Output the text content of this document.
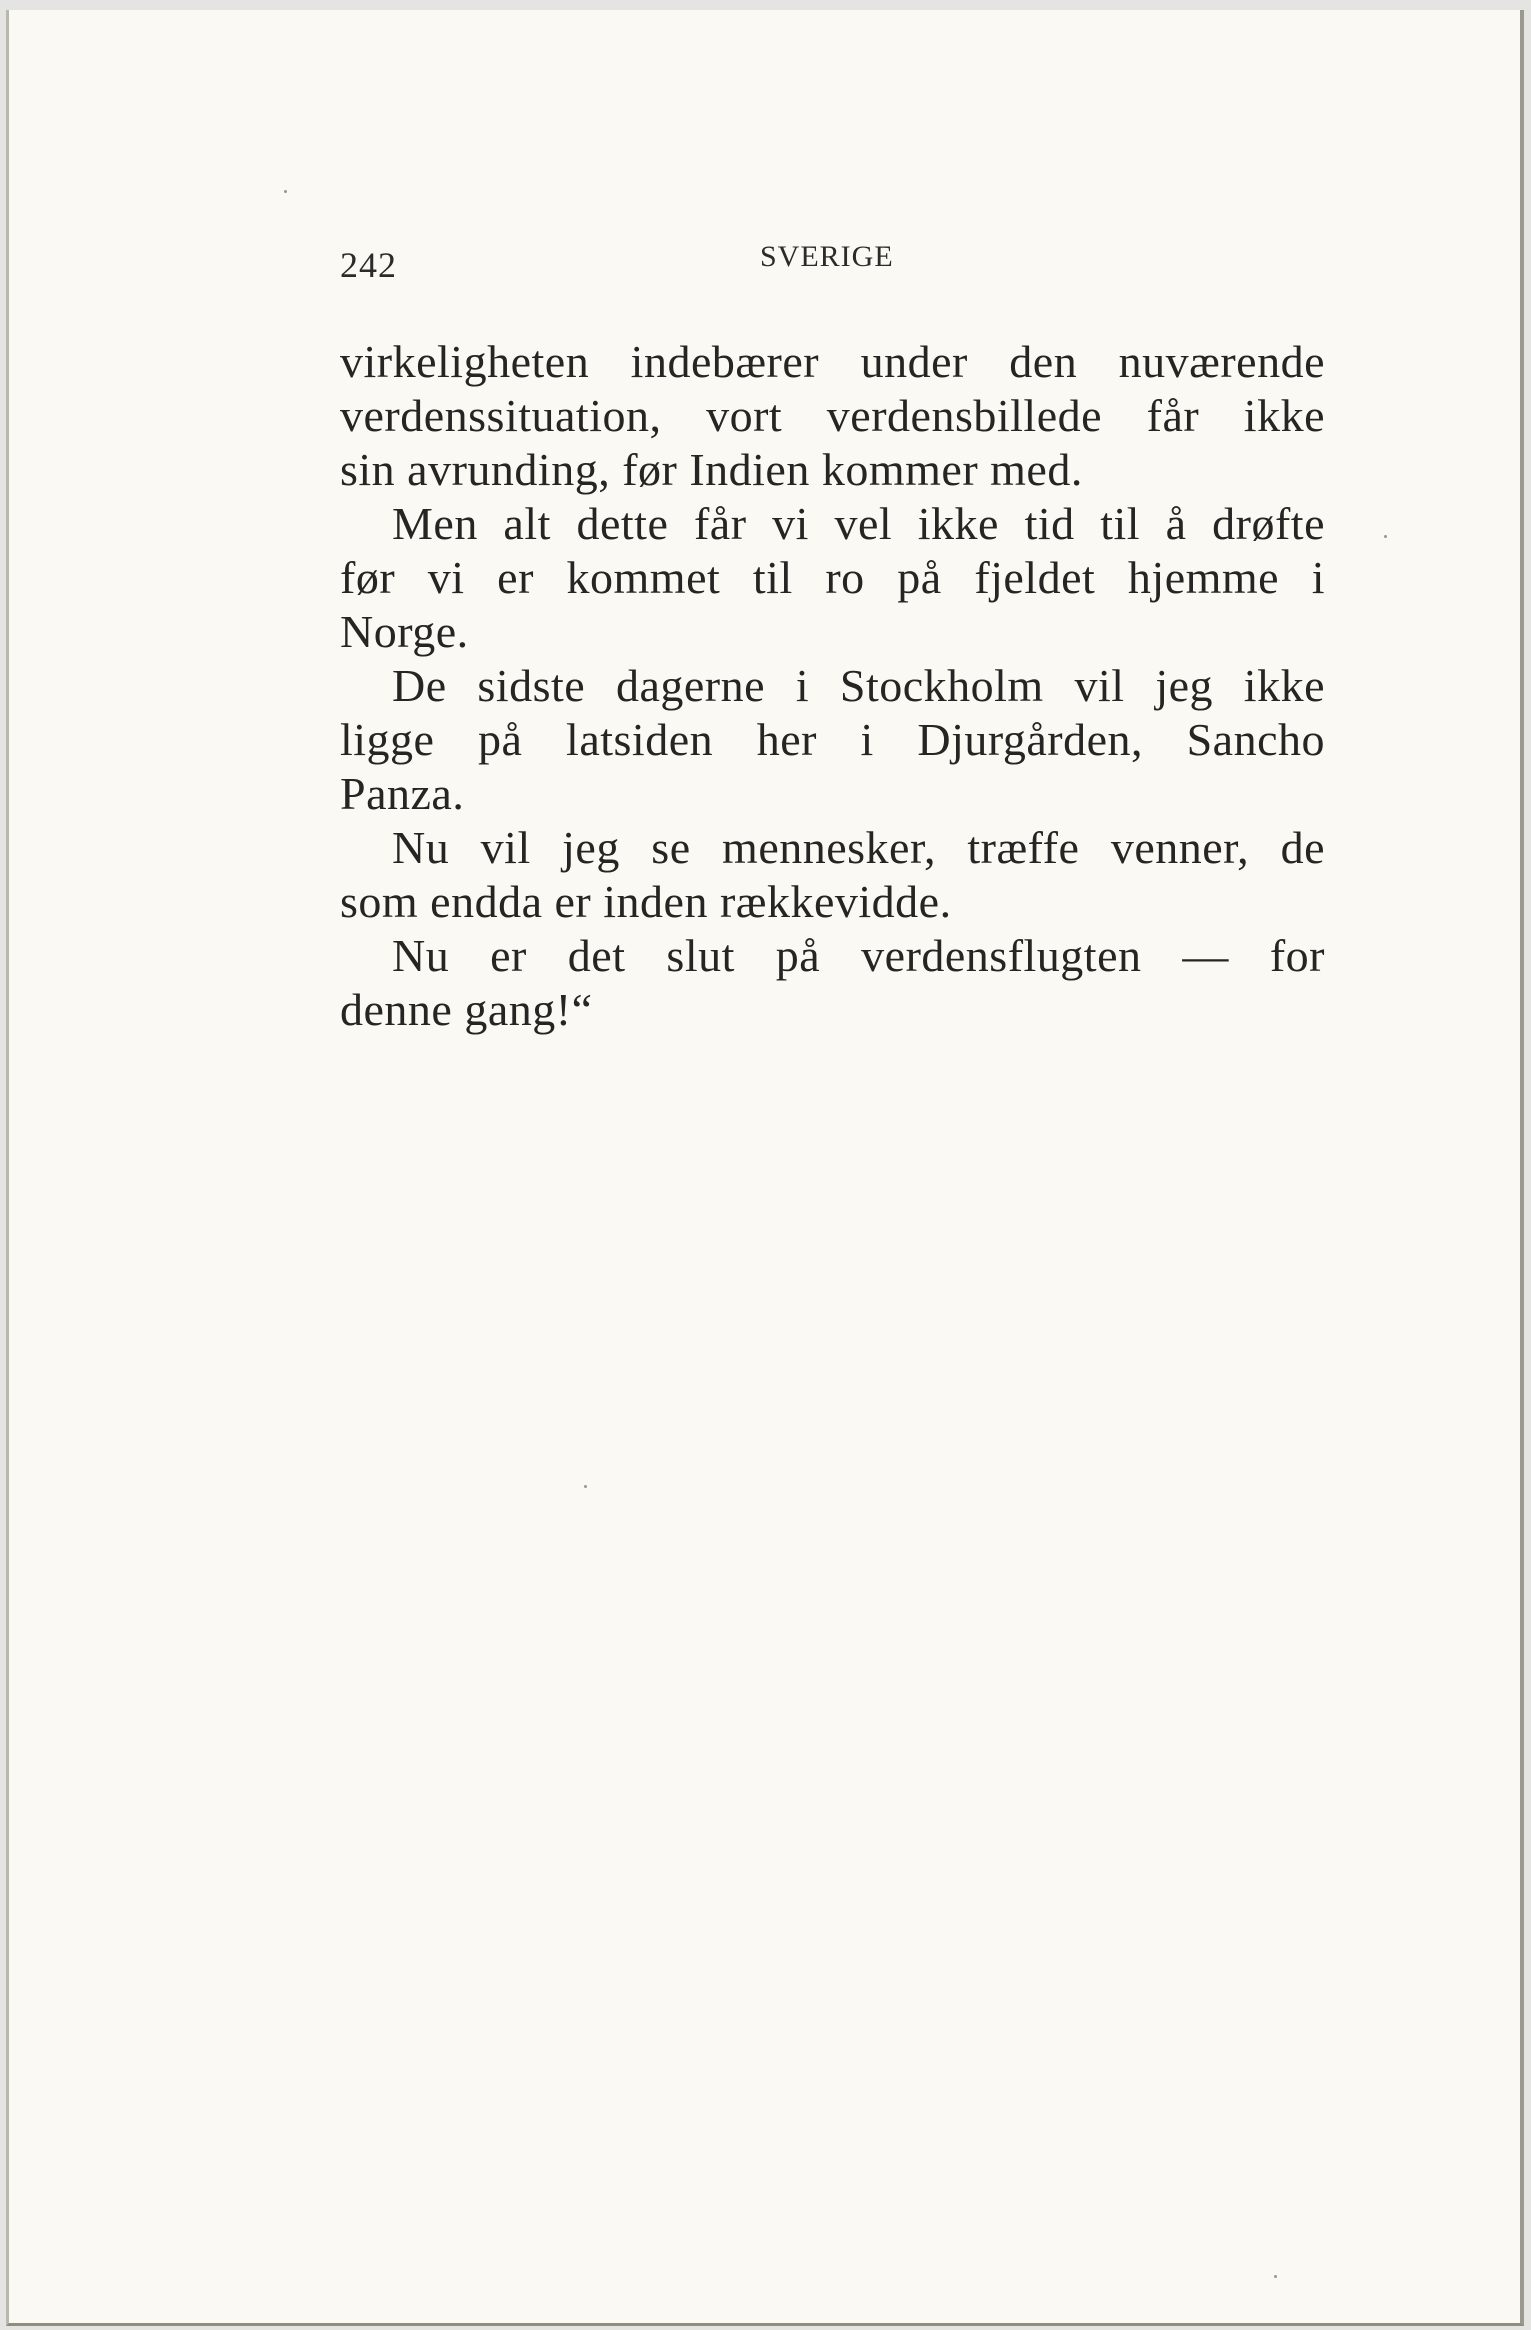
242	SVERIGE
virkeligheten indebærer under den nuværende
verdenssituation, vort verdensbillede får ikke
sin avrunding, før Indien kommer med.
Men alt dette får vi vel ikke tid til å drøfte
før vi er kommet til ro på fjeldet hjemme i
Norge.
De sidste dagerne i Stockholm vil jeg ikke
ligge på latsiden her i Djurgården, Sancho
Panza.
Nu vil jeg se mennesker, træffe venner, de
som endda er inden rækkevidde.
Nu er det slut på verdensflugten — for
denne gang!“
